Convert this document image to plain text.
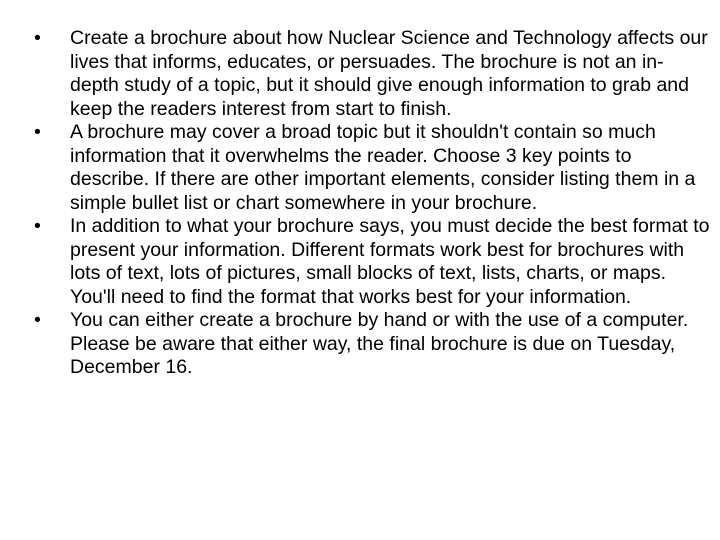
•	Create a brochure about how Nuclear Science and Technology affects our lives that informs, educates, or persuades. The brochure is not an in-depth study of a topic, but it should give enough information to grab and keep the readers interest from start to finish.
•	A brochure may cover a broad topic but it shouldn't contain so much information that it overwhelms the reader. Choose 3 key points to describe. If there are other important elements, consider listing them in a simple bullet list or chart somewhere in your brochure.
•	In addition to what your brochure says, you must decide the best format to present your information. Different formats work best for brochures with lots of text, lots of pictures, small blocks of text, lists, charts, or maps. You'll need to find the format that works best for your information.
•	You can either create a brochure by hand or with the use of a computer. Please be aware that either way, the final brochure is due on Tuesday, December 16.
